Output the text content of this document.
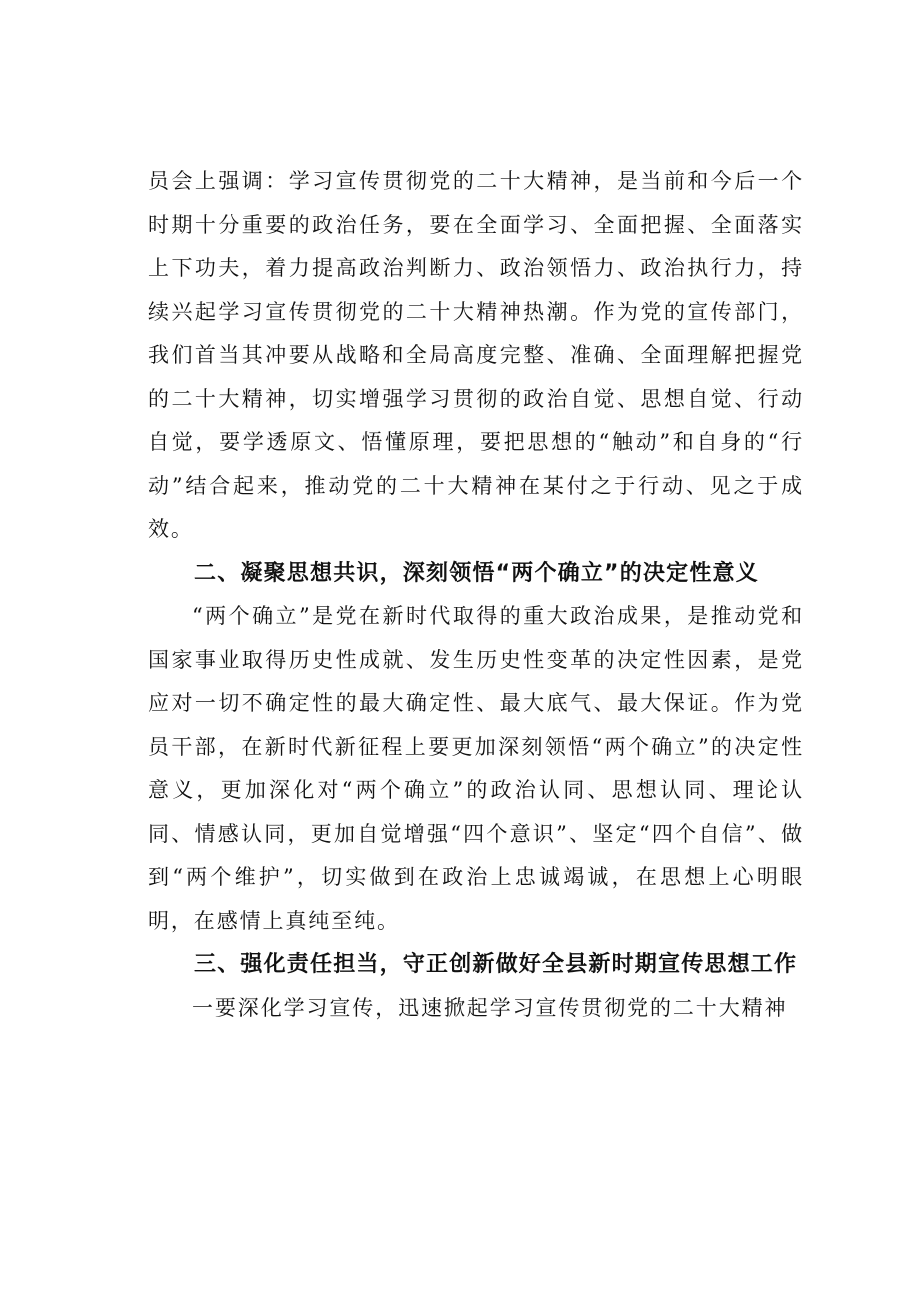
员会上强调：学习宣传贯彻党的二十大精神，是当前和今后一个时期十分重要的政治任务，要在全面学习、全面把握、全面落实上下功夫，着力提高政治判断力、政治领悟力、政治执行力，持续兴起学习宣传贯彻党的二十大精神热潮。作为党的宣传部门，我们首当其冲要从战略和全局高度完整、准确、全面理解把握党的二十大精神，切实增强学习贯彻的政治自觉、思想自觉、行动自觉，要学透原文、悟懂原理，要把思想的“触动”和自身的“行动”结合起来，推动党的二十大精神在某付之于行动、见之于成效。

二、凝聚思想共识，深刻领悟“两个确立”的决定性意义

“两个确立”是党在新时代取得的重大政治成果，是推动党和国家事业取得历史性成就、发生历史性变革的决定性因素，是党应对一切不确定性的最大确定性、最大底气、最大保证。作为党员干部，在新时代新征程上要更加深刻领悟“两个确立”的决定性意义，更加深化对“两个确立”的政治认同、思想认同、理论认同、情感认同，更加自觉增强“四个意识”、坚定“四个自信”、做到“两个维护”，切实做到在政治上忠诚竭诚，在思想上心明眼明，在感情上真纯至纯。

三、强化责任担当，守正创新做好全县新时期宣传思想工作

一要深化学习宣传，迅速掀起学习宣传贯彻党的二十大精神
